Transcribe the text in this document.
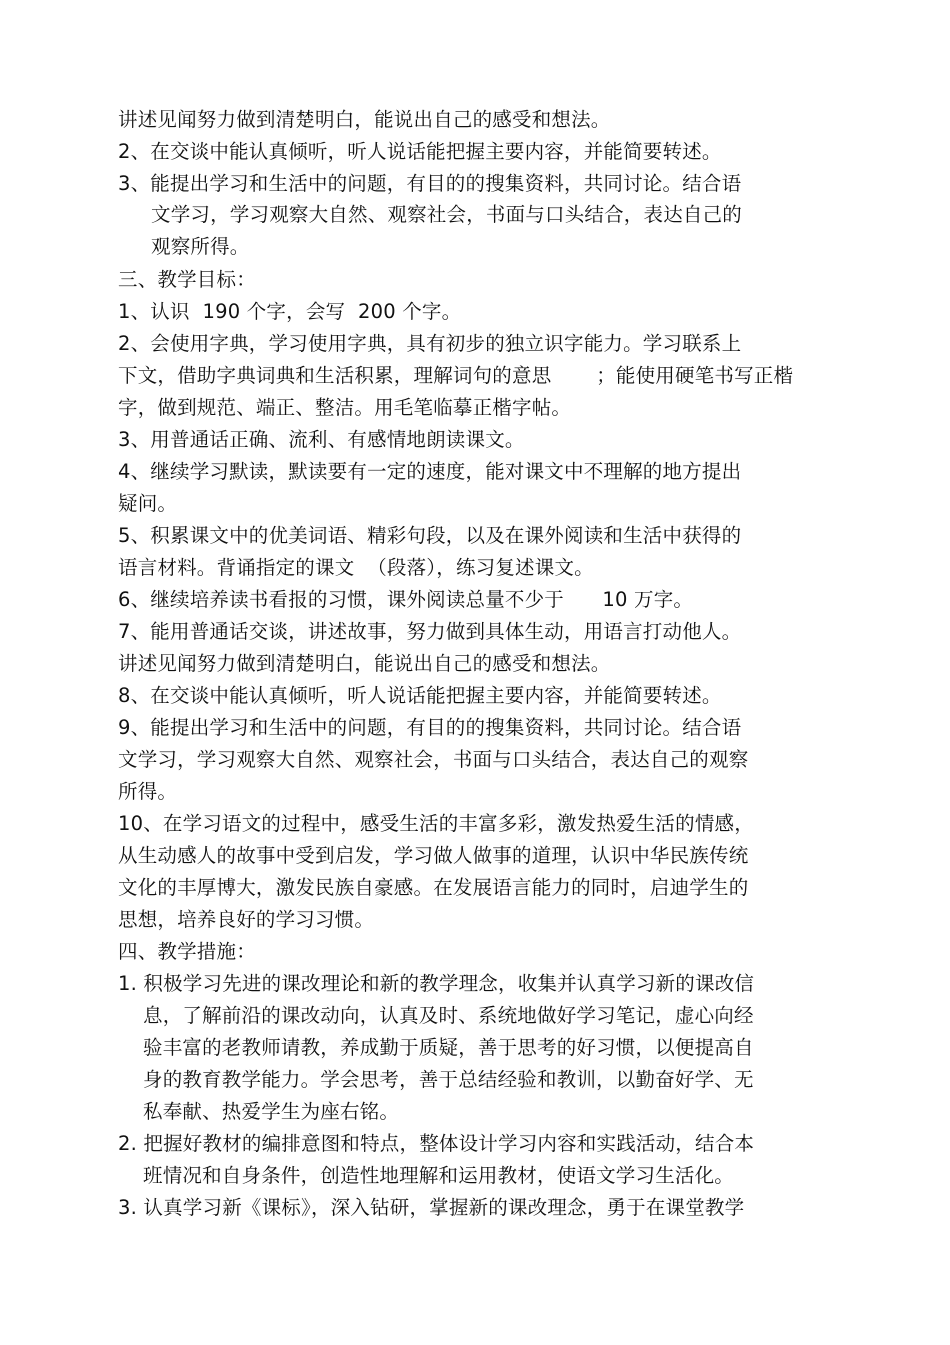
讲述见闻努力做到清楚明白，能说出自己的感受和想法。
2、在交谈中能认真倾听，听人说话能把握主要内容，并能简要转述。
3、能提出学习和生活中的问题，有目的的搜集资料，共同讨论。结合语
文学习，学习观察大自然、观察社会，书面与口头结合，表达自己的
观察所得。
三、教学目标：
1、认识  190 个字，会写  200 个字。
2、会使用字典，学习使用字典，具有初步的独立识字能力。学习联系上
下文，借助字典词典和生活积累，理解词句的意思       ；能使用硬笔书写正楷
字，做到规范、端正、整洁。用毛笔临摹正楷字帖。
3、用普通话正确、流利、有感情地朗读课文。
4、继续学习默读，默读要有一定的速度，能对课文中不理解的地方提出
疑问。
5、积累课文中的优美词语、精彩句段，以及在课外阅读和生活中获得的
语言材料。背诵指定的课文  （段落），练习复述课文。
6、继续培养读书看报的习惯，课外阅读总量不少于      10 万字。
7、能用普通话交谈，讲述故事，努力做到具体生动，用语言打动他人。
讲述见闻努力做到清楚明白，能说出自己的感受和想法。
8、在交谈中能认真倾听，听人说话能把握主要内容，并能简要转述。
9、能提出学习和生活中的问题，有目的的搜集资料，共同讨论。结合语
文学习，学习观察大自然、观察社会，书面与口头结合，表达自己的观察
所得。
10、在学习语文的过程中，感受生活的丰富多彩，激发热爱生活的情感，
从生动感人的故事中受到启发，学习做人做事的道理，认识中华民族传统
文化的丰厚博大，激发民族自豪感。在发展语言能力的同时，启迪学生的
思想，培养良好的学习习惯。
四、教学措施：
1. 积极学习先进的课改理论和新的教学理念，收集并认真学习新的课改信
息，了解前沿的课改动向，认真及时、系统地做好学习笔记，虚心向经
验丰富的老教师请教，养成勤于质疑，善于思考的好习惯，以便提高自
身的教育教学能力。学会思考，善于总结经验和教训，以勤奋好学、无
私奉献、热爱学生为座右铭。
2. 把握好教材的编排意图和特点，整体设计学习内容和实践活动，结合本
班情况和自身条件，创造性地理解和运用教材，使语文学习生活化。
3. 认真学习新《课标》，深入钻研，掌握新的课改理念，勇于在课堂教学
